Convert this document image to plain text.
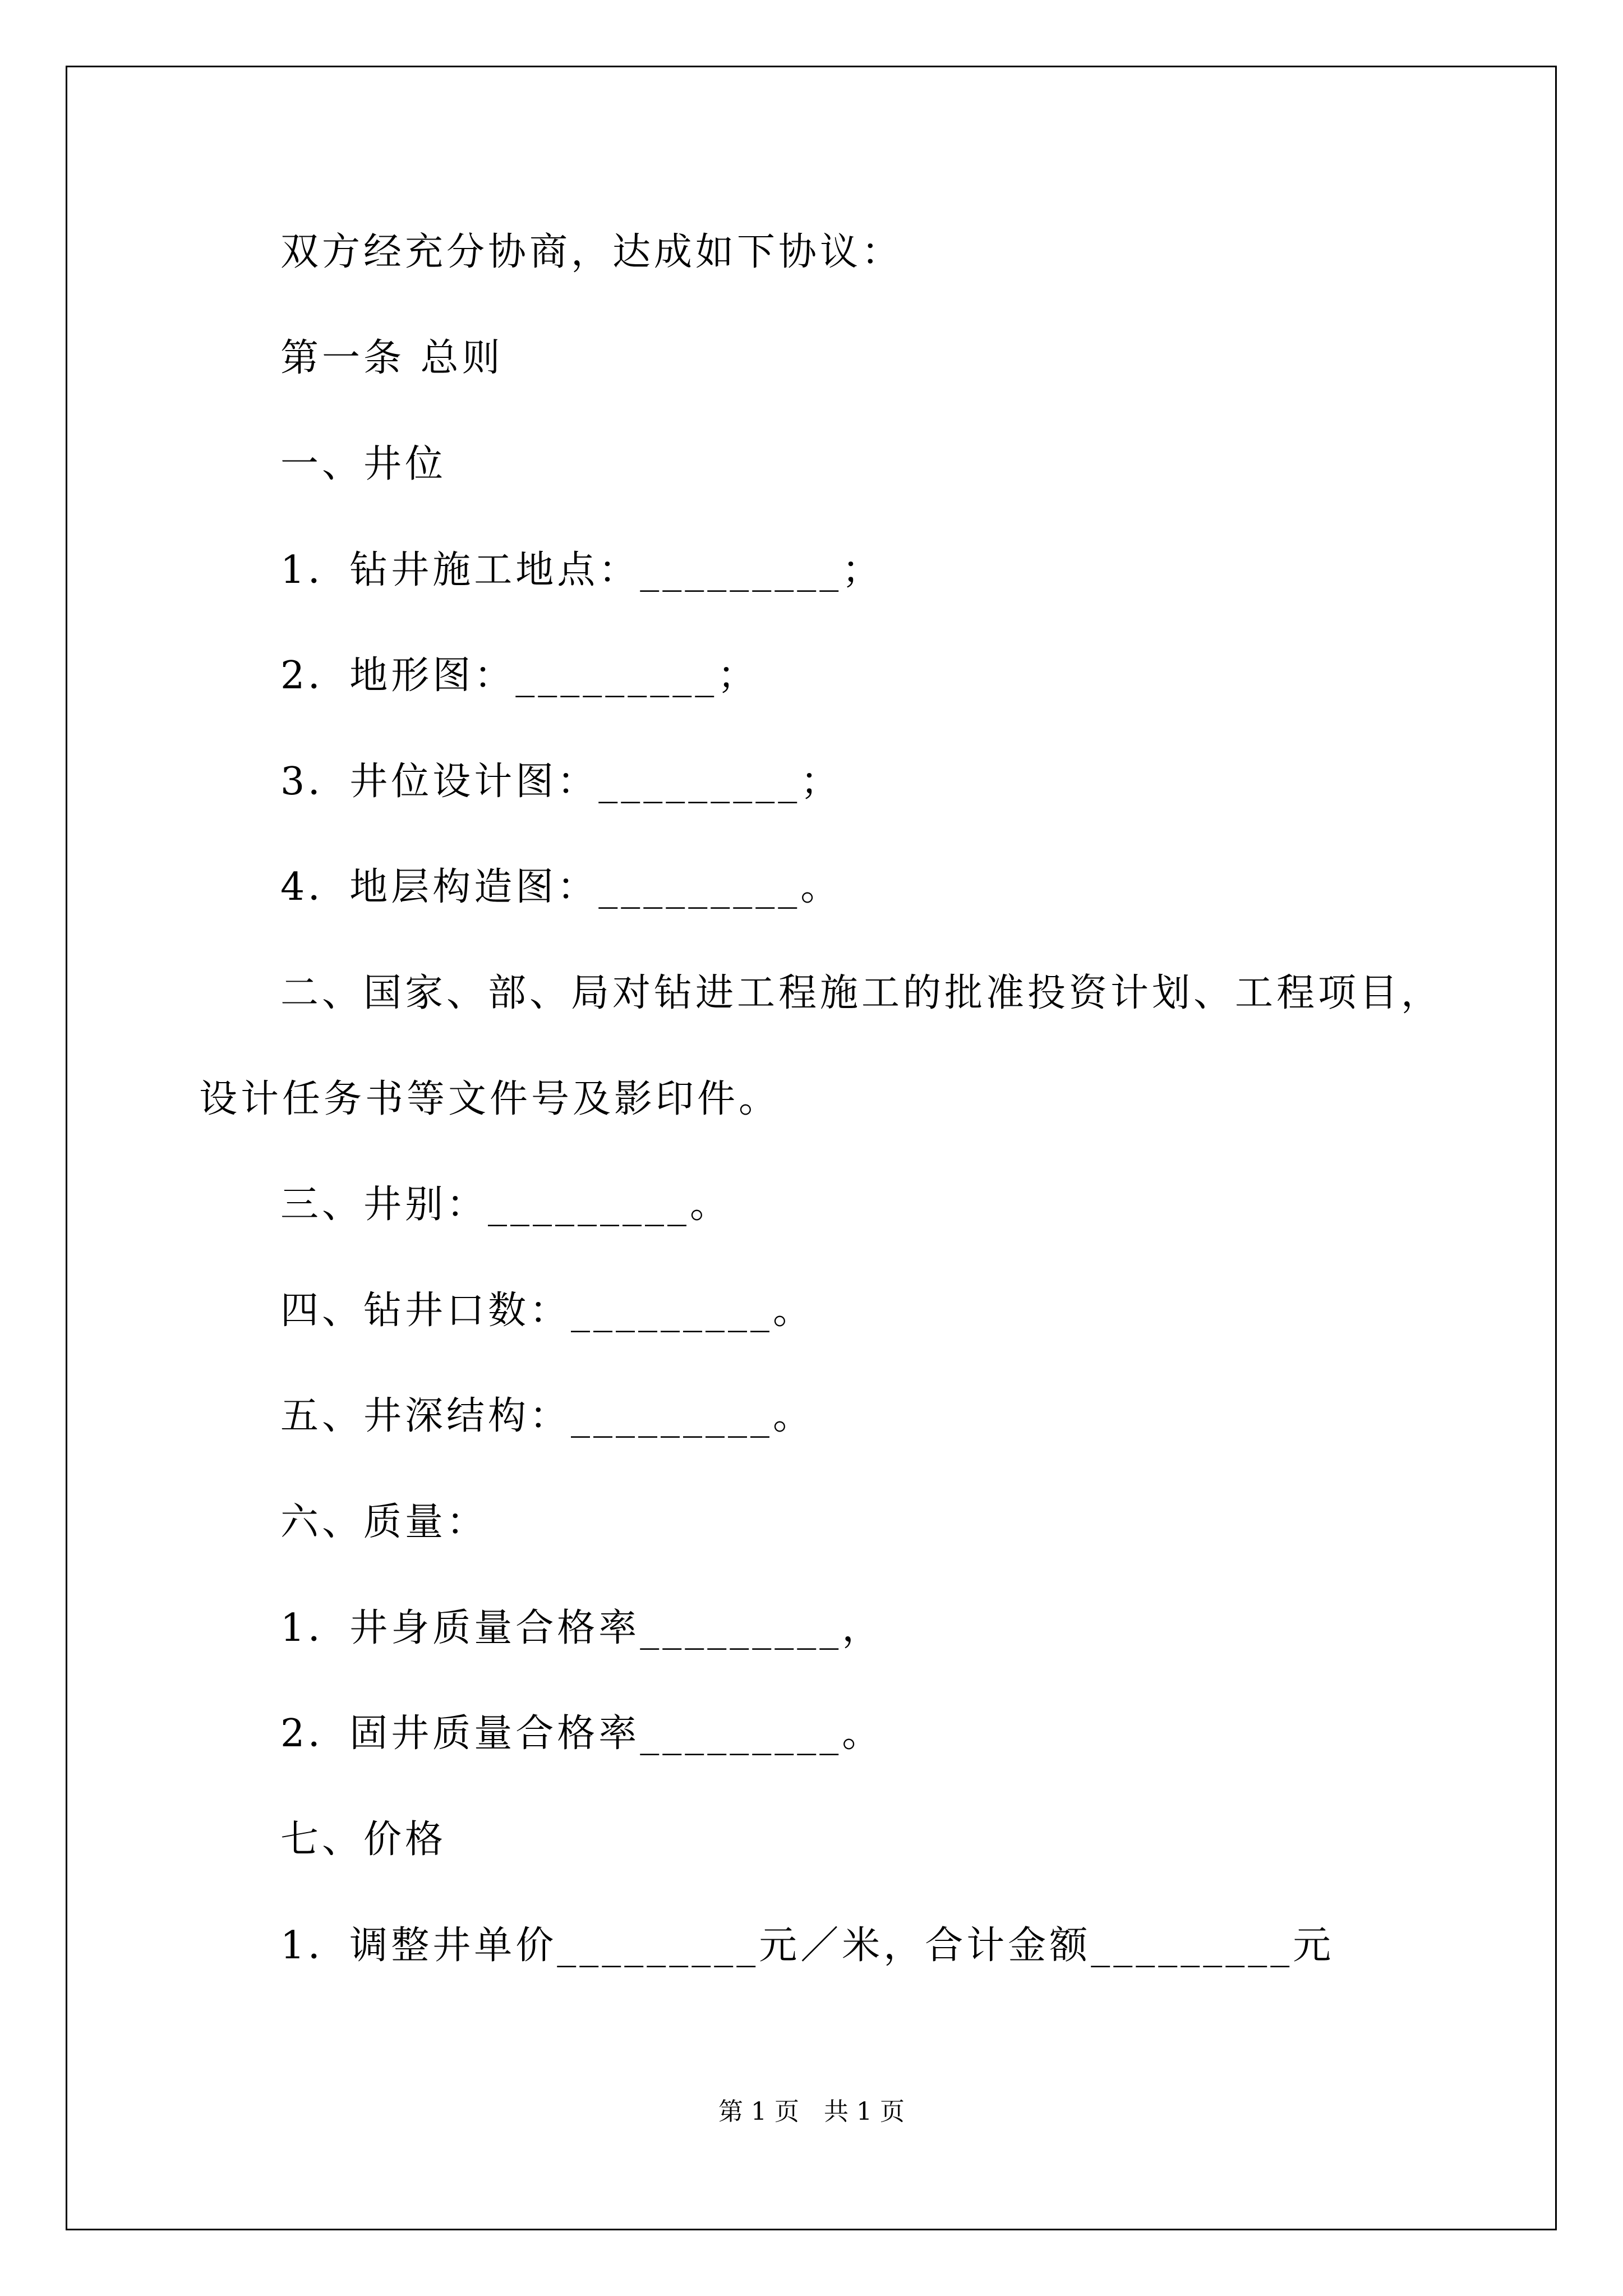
双方经充分协商，达成如下协议：
第一条 总则
一、井位
1．钻井施工地点：_________；
2．地形图：_________；
3．井位设计图：_________；
4．地层构造图：_________。
二、国家、部、局对钻进工程施工的批准投资计划、工程项目，
设计任务书等文件号及影印件。
三、井别：_________。
四、钻井口数：_________。
五、井深结构：_________。
六、质量：
1．井身质量合格率_________，
2．固井质量合格率_________。
七、价格
1．调整井单价_________元／米，合计金额_________元
第 1 页　共 1 页
